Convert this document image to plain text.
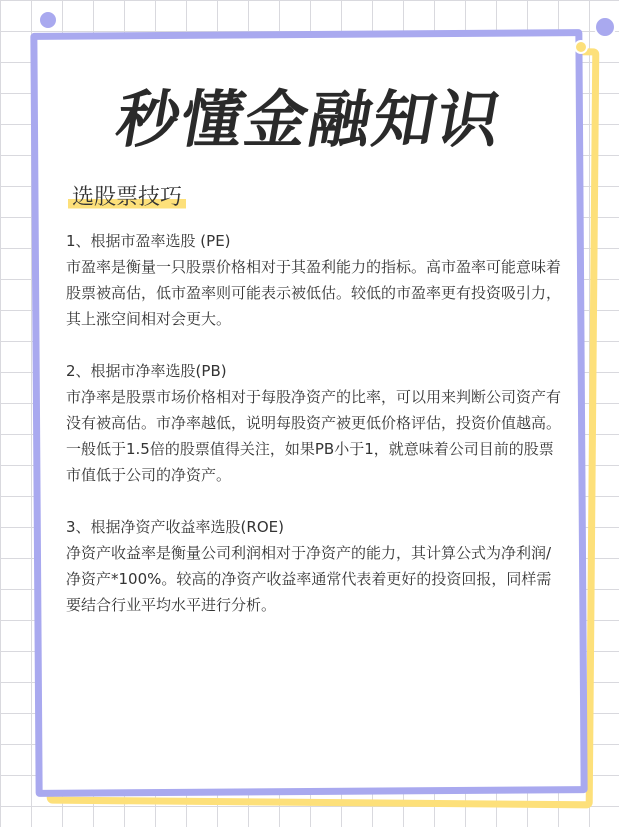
秒懂金融知识
选股票技巧

1、根据市盈率选股 (PE)

市盈率是衡量一只股票价格相对于其盈利能力的指标。高市盈率可能意味着股票被高估，低市盈率则可能表示被低估。较低的市盈率更有投资吸引力，其上涨空间相对会更大。

2、根据市净率选股(PB)

市净率是股票市场价格相对于每股净资产的比率，可以用来判断公司资产有没有被高估。市净率越低，说明每股资产被更低价格评估，投资价值越高。一般低于1.5倍的股票值得关注，如果PB小于1，就意味着公司目前的股票市值低于公司的净资产。

3、根据净资产收益率选股(ROE)

净资产收益率是衡量公司利润相对于净资产的能力，其计算公式为净利润/净资产*100%。较高的净资产收益率通常代表着更好的投资回报，同样需要结合行业平均水平进行分析。
